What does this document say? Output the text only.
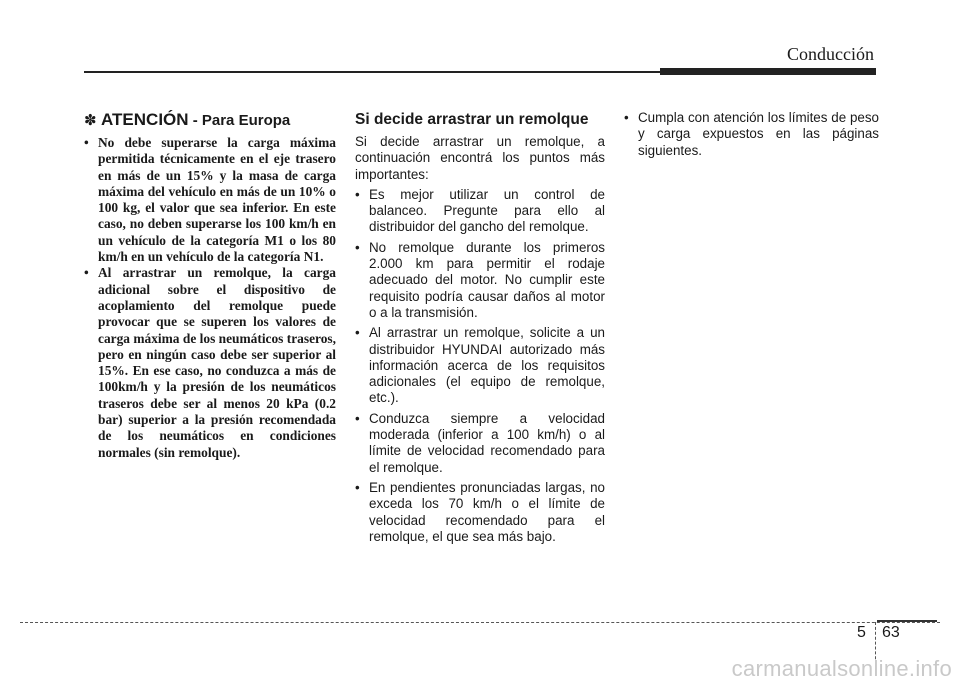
Conducción
✽ ATENCIÓN - Para Europa
• No debe superarse la carga máxima permitida técnicamente en el eje trasero en más de un 15% y la masa de carga máxima del vehículo en más de un 10% o 100 kg, el valor que sea inferior. En este caso, no deben superarse los 100 km/h en un vehículo de la categoría M1 o los 80 km/h en un vehículo de la categoría N1.
• Al arrastrar un remolque, la carga adicional sobre el dispositivo de acoplamiento del remolque puede provocar que se superen los valores de carga máxima de los neumáticos traseros, pero en ningún caso debe ser superior al 15%. En ese caso, no conduzca a más de 100km/h y la presión de los neumáticos traseros debe ser al menos 20 kPa (0.2 bar) superior a la presión recomendada de los neumáticos en condiciones normales (sin remolque).
Si decide arrastrar un remolque

Si decide arrastrar un remolque, a continuación encontrá los puntos más importantes:

• Es mejor utilizar un control de balanceo. Pregunte para ello al distribuidor del gancho del remolque.
• No remolque durante los primeros 2.000 km para permitir el rodaje adecuado del motor. No cumplir este requisito podría causar daños al motor o a la transmisión.
• Al arrastrar un remolque, solicite a un distribuidor HYUNDAI autorizado más información acerca de los requisitos adicionales (el equipo de remolque, etc.).
• Conduzca siempre a velocidad moderada (inferior a 100 km/h) o al límite de velocidad recomendado para el remolque.
• En pendientes pronunciadas largas, no exceda los 70 km/h o el límite de velocidad recomendado para el remolque, el que sea más bajo.
• Cumpla con atención los límites de peso y carga expuestos en las páginas siguientes.
5 63
carmanualsonline.info
